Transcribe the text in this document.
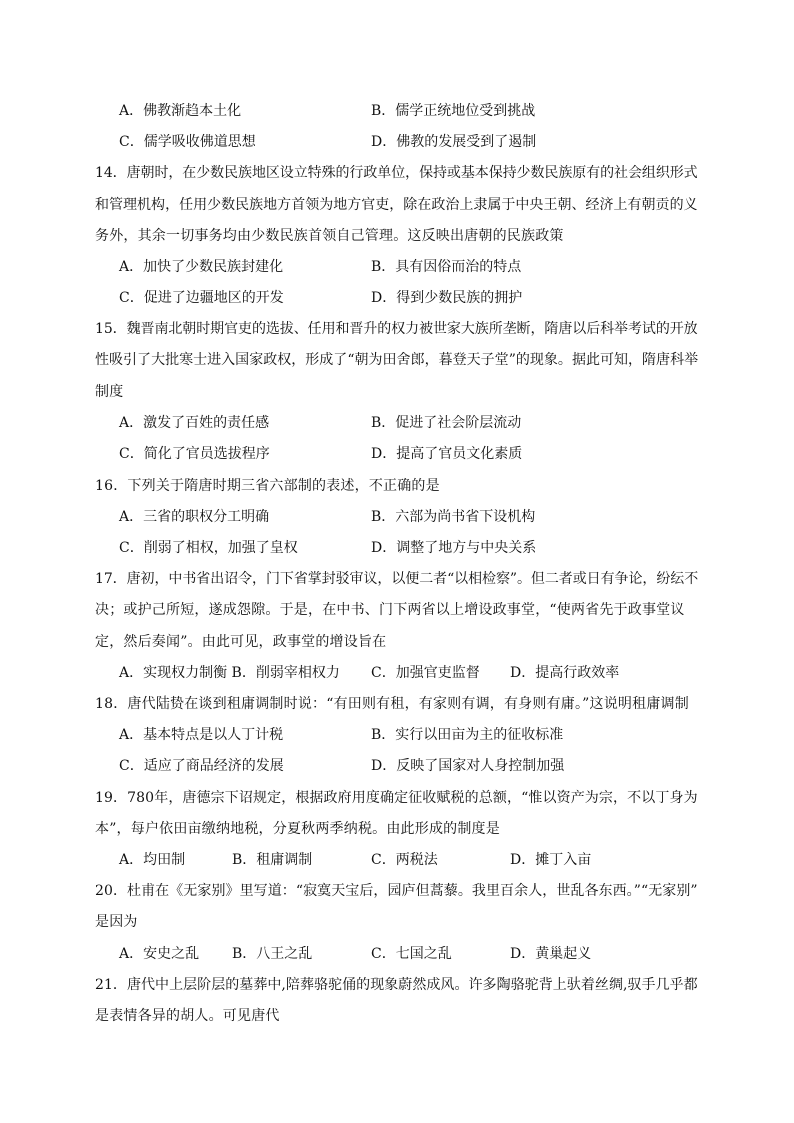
A．佛教渐趋本土化	B．儒学正统地位受到挑战
C．儒学吸收佛道思想	D．佛教的发展受到了遏制
14．唐朝时，在少数民族地区设立特殊的行政单位，保持或基本保持少数民族原有的社会组织形式
和管理机构，任用少数民族地方首领为地方官吏，除在政治上隶属于中央王朝、经济上有朝贡的义
务外，其余一切事务均由少数民族首领自己管理。这反映出唐朝的民族政策
A．加快了少数民族封建化	B．具有因俗而治的特点
C．促进了边疆地区的开发	D．得到少数民族的拥护
15．魏晋南北朝时期官吏的选拔、任用和晋升的权力被世家大族所垄断，隋唐以后科举考试的开放
性吸引了大批寒士进入国家政权，形成了“朝为田舍郎，暮登天子堂”的现象。据此可知，隋唐科举
制度
A．激发了百姓的责任感	B．促进了社会阶层流动
C．简化了官员选拔程序	D．提高了官员文化素质
16．下列关于隋唐时期三省六部制的表述，不正确的是
A．三省的职权分工明确	B．六部为尚书省下设机构
C．削弱了相权，加强了皇权	D．调整了地方与中央关系
17．唐初，中书省出诏令，门下省掌封驳审议，以便二者“以相检察”。但二者或日有争论，纷纭不
决；或护己所短，遂成怨隙。于是，在中书、门下两省以上增设政事堂，“使两省先于政事堂议
定，然后奏闻”。由此可见，政事堂的增设旨在
A．实现权力制衡 B．削弱宰相权力 C．加强官吏监督 D．提高行政效率
18．唐代陆贽在谈到租庸调制时说：“有田则有租，有家则有调，有身则有庸。”这说明租庸调制
A．基本特点是以人丁计税	B．实行以田亩为主的征收标准
C．适应了商品经济的发展	D．反映了国家对人身控制加强
19．780年，唐德宗下诏规定，根据政府用度确定征收赋税的总额，“惟以资产为宗，不以丁身为
本”，每户依田亩缴纳地税，分夏秋两季纳税。由此形成的制度是
A．均田制	B．租庸调制	C．两税法	D．摊丁入亩
20．杜甫在《无家别》里写道：“寂寞天宝后，园庐但蒿藜。我里百余人，世乱各东西。”“无家别”
是因为
A．安史之乱 B．八王之乱	C．七国之乱	D．黄巢起义
21．唐代中上层阶层的墓葬中,陪葬骆驼俑的现象蔚然成风。许多陶骆驼背上驮着丝绸,驭手几乎都
是表情各异的胡人。可见唐代
